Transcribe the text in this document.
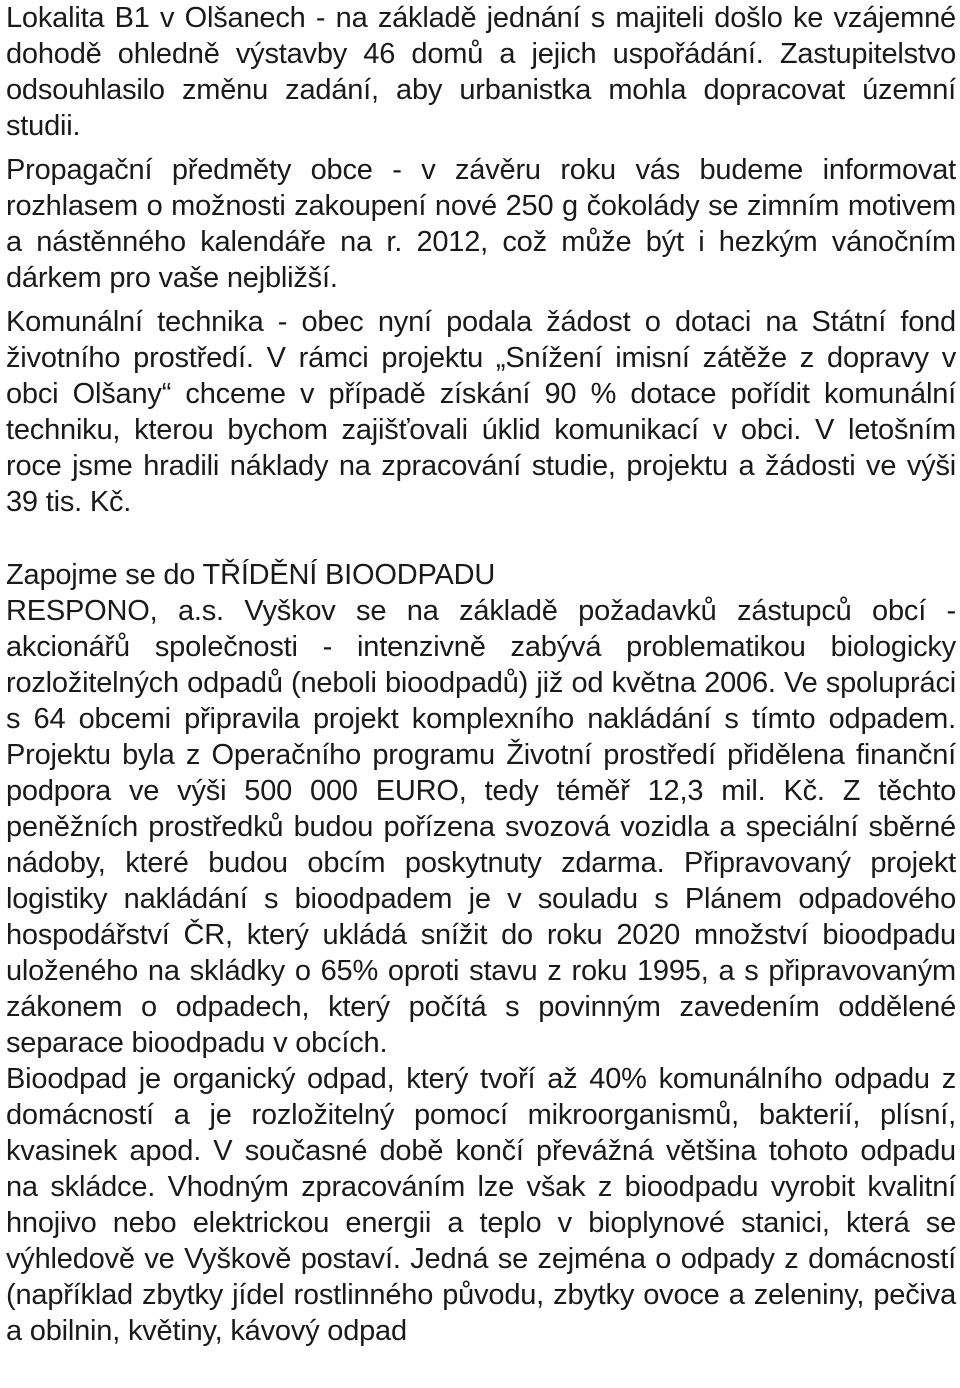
Lokalita B1 v Olšanech - na základě jednání s majiteli došlo ke vzájemné dohodě ohledně výstavby 46 domů a jejich uspořádání. Zastupitelstvo odsouhlasilo změnu zadání, aby urbanistka mohla dopracovat územní studii.

Propagační předměty obce - v závěru roku vás budeme informovat rozhlasem o možnosti zakoupení nové 250 g čokolády se zimním motivem a nástěnného kalendáře na r. 2012, což může být i hezkým vánočním dárkem pro vaše nejbližší.

Komunální technika - obec nyní podala žádost o dotaci na Státní fond životního prostředí. V rámci projektu „Snížení imisní zátěže z dopravy v obci Olšany“ chceme v případě získání 90 % dotace pořídit komunální techniku, kterou bychom zajišťovali úklid komunikací v obci. V letošním roce jsme hradili náklady na zpracování studie, projektu a žádosti ve výši 39 tis. Kč.

Zapojme se do TŘÍDĚNÍ BIOODPADU

RESPONO, a.s. Vyškov se na základě požadavků zástupců obcí - akcionářů společnosti - intenzivně zabývá problematikou biologicky rozložitelných odpadů (neboli bioodpadů) již od května 2006. Ve spolupráci s 64 obcemi připravila projekt komplexního nakládání s tímto odpadem. Projektu byla z Operačního programu Životní prostředí přidělena finanční podpora ve výši 500 000 EURO, tedy téměř 12,3 mil. Kč. Z těchto peněžních prostředků budou pořízena svozová vozidla a speciální sběrné nádoby, které budou obcím poskytnuty zdarma. Připravovaný projekt logistiky nakládání s bioodpadem je v souladu s Plánem odpadového hospodářství ČR, který ukládá snížit do roku 2020 množství bioodpadu uloženého na skládky o 65% oproti stavu z roku 1995, a s připravovaným zákonem o odpadech, který počítá s povinným zavedením oddělené separace bioodpadu v obcích.

Bioodpad je organický odpad, který tvoří až 40% komunálního odpadu z domácností a je rozložitelný pomocí mikroorganismů, bakterií, plísní, kvasinek apod. V současné době končí převážná většina tohoto odpadu na skládce. Vhodným zpracováním lze však z bioodpadu vyrobit kvalitní hnojivo nebo elektrickou energii a teplo v bioplynové stanici, která se výhledově ve Vyškově postaví. Jedná se zejména o odpady z domácností (například zbytky jídel rostlinného původu, zbytky ovoce a zeleniny, pečiva a obilnin, květiny, kávový odpad
